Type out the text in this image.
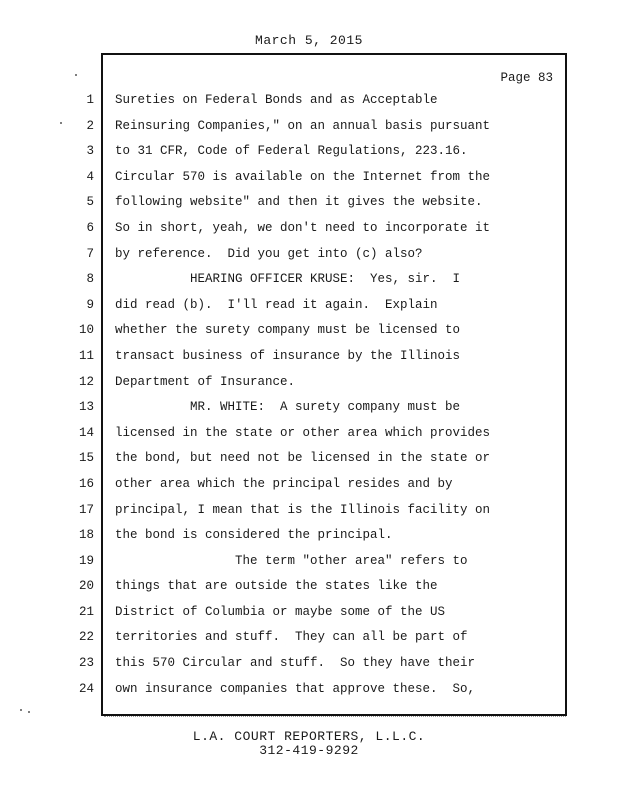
March 5, 2015
Page 83
1
2
3
4
5
6
7
8
9
10
11
12
13
14
15
16
17
18
19
20
21
22
23
24
Sureties on Federal Bonds and as Acceptable
Reinsuring Companies," on an annual basis pursuant
to 31 CFR, Code of Federal Regulations, 223.16.
Circular 570 is available on the Internet from the
following website" and then it gives the website.
So in short, yeah, we don't need to incorporate it
by reference.  Did you get into (c) also?
HEARING OFFICER KRUSE:  Yes, sir.  I
did read (b).  I'll read it again.  Explain
whether the surety company must be licensed to
transact business of insurance by the Illinois
Department of Insurance.
MR. WHITE:  A surety company must be
licensed in the state or other area which provides
the bond, but need not be licensed in the state or
other area which the principal resides and by
principal, I mean that is the Illinois facility on
the bond is considered the principal.
The term "other area" refers to
things that are outside the states like the
District of Columbia or maybe some of the US
territories and stuff.  They can all be part of
this 570 Circular and stuff.  So they have their
own insurance companies that approve these.  So,
L.A. COURT REPORTERS, L.L.C.
312-419-9292
